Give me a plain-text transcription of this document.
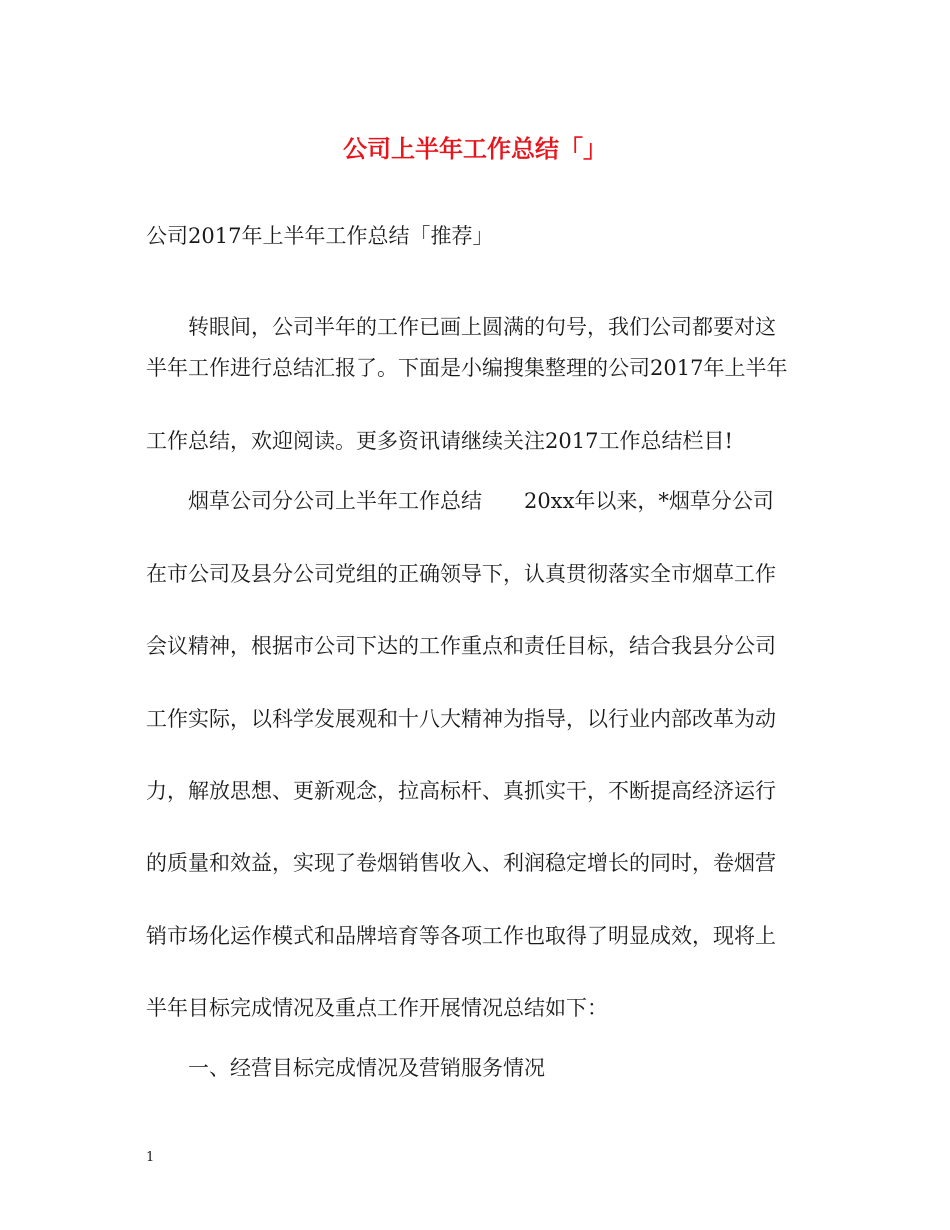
公司上半年工作总结「」
公司2017年上半年工作总结「推荐」
转眼间，公司半年的工作已画上圆满的句号，我们公司都要对这
半年工作进行总结汇报了。下面是小编搜集整理的公司2017年上半年
工作总结，欢迎阅读。更多资讯请继续关注2017工作总结栏目!
烟草公司分公司上半年工作总结　　20xx年以来，*烟草分公司
在市公司及县分公司党组的正确领导下，认真贯彻落实全市烟草工作
会议精神，根据市公司下达的工作重点和责任目标，结合我县分公司
工作实际，以科学发展观和十八大精神为指导，以行业内部改革为动
力，解放思想、更新观念，拉高标杆、真抓实干，不断提高经济运行
的质量和效益，实现了卷烟销售收入、利润稳定增长的同时，卷烟营
销市场化运作模式和品牌培育等各项工作也取得了明显成效，现将上
半年目标完成情况及重点工作开展情况总结如下：
一、经营目标完成情况及营销服务情况
1
